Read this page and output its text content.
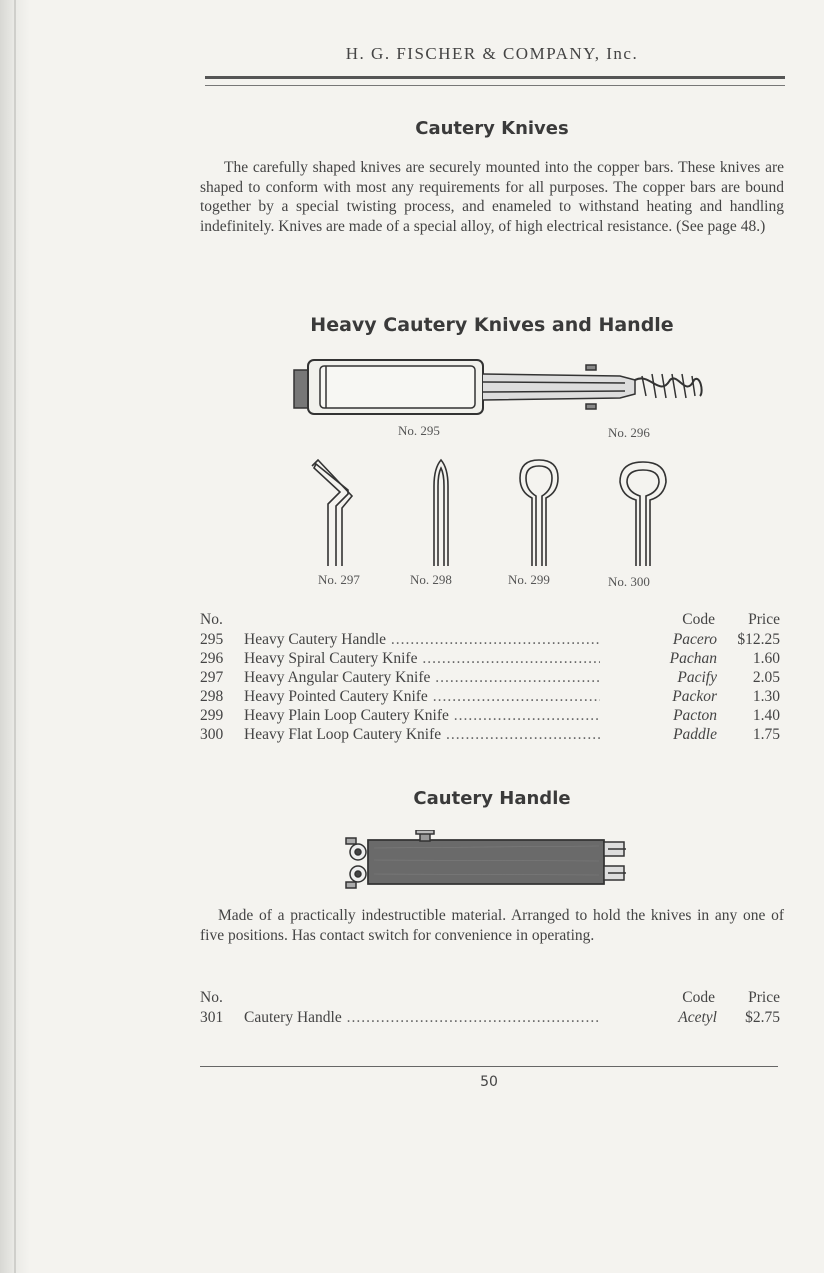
H. G. FISCHER & COMPANY, Inc.
Cautery Knives
The carefully shaped knives are securely mounted into the copper bars. These knives are shaped to conform with most any requirements for all purposes. The copper bars are bound together by a special twisting process, and enameled to withstand heating and handling indefinitely. Knives are made of a special alloy, of high electrical resistance. (See page 48.)
Heavy Cautery Knives and Handle
No. 295	No. 296
No. 297	No. 298	No. 299	No. 300
No.	Code	Price
295 Heavy Cautery Handle .....	Pacero	$12.25
296 Heavy Spiral Cautery Knife .....	Pachan	1.60
297 Heavy Angular Cautery Knife .....	Pacify	2.05
298 Heavy Pointed Cautery Knife .....	Packor	1.30
299 Heavy Plain Loop Cautery Knife .....	Pacton	1.40
300 Heavy Flat Loop Cautery Knife .....	Paddle	1.75
Cautery Handle
Made of a practically indestructible material. Arranged to hold the knives in any one of five positions. Has contact switch for convenience in operating.
No.	Code	Price
301 Cautery Handle .....	Acetyl	$2.75
50
